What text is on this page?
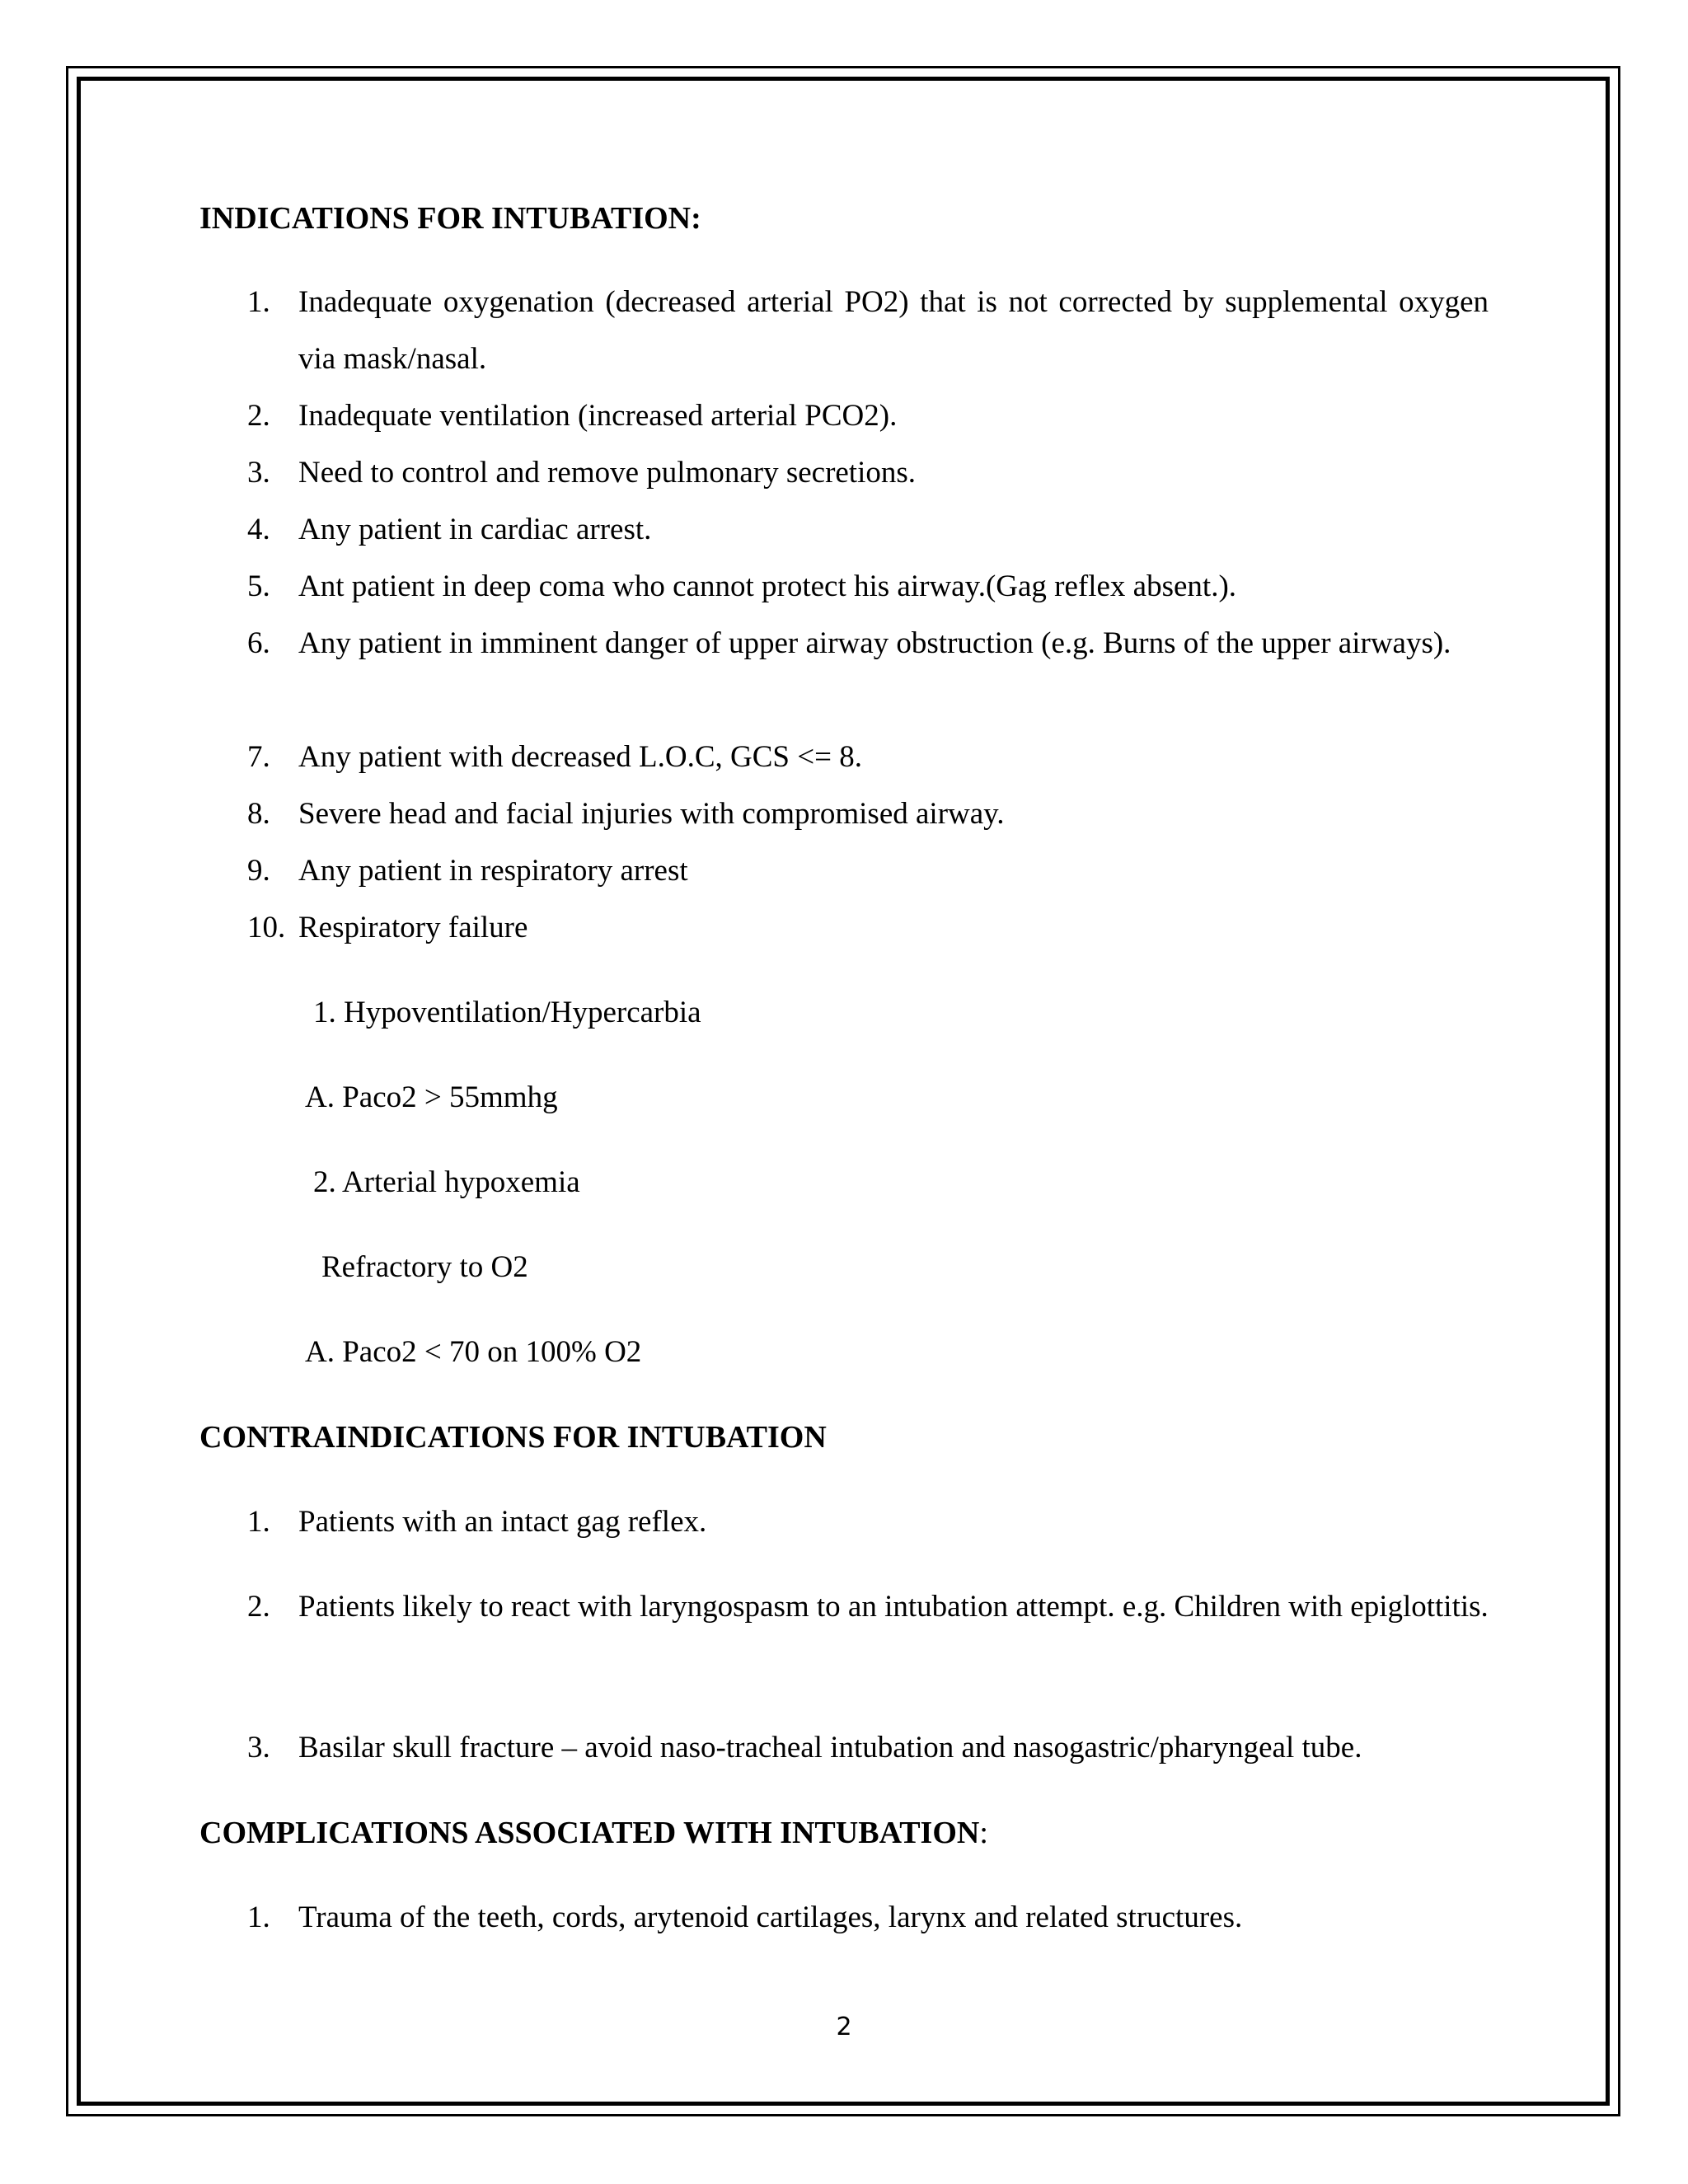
INDICATIONS FOR INTUBATION:
1. Inadequate oxygenation (decreased arterial PO2) that is not corrected by supplemental oxygen via mask/nasal.
2. Inadequate ventilation (increased arterial PCO2).
3. Need to control and remove pulmonary secretions.
4. Any patient in cardiac arrest.
5. Ant patient in deep coma who cannot protect his airway.(Gag reflex absent.).
6. Any patient in imminent danger of upper airway obstruction (e.g. Burns of the upper airways).
7. Any patient with decreased L.O.C, GCS <= 8.
8. Severe head and facial injuries with compromised airway.
9. Any patient in respiratory arrest
10. Respiratory failure
1. Hypoventilation/Hypercarbia
A. Paco2 > 55mmhg
2. Arterial hypoxemia
Refractory to O2
A. Paco2 < 70 on 100% O2
CONTRAINDICATIONS FOR INTUBATION
1. Patients with an intact gag reflex.
2. Patients likely to react with laryngospasm to an intubation attempt. e.g. Children with epiglottitis.
3. Basilar skull fracture – avoid naso-tracheal intubation and nasogastric/pharyngeal tube.
COMPLICATIONS ASSOCIATED WITH INTUBATION:
1. Trauma of the teeth, cords, arytenoid cartilages, larynx and related structures.
2
